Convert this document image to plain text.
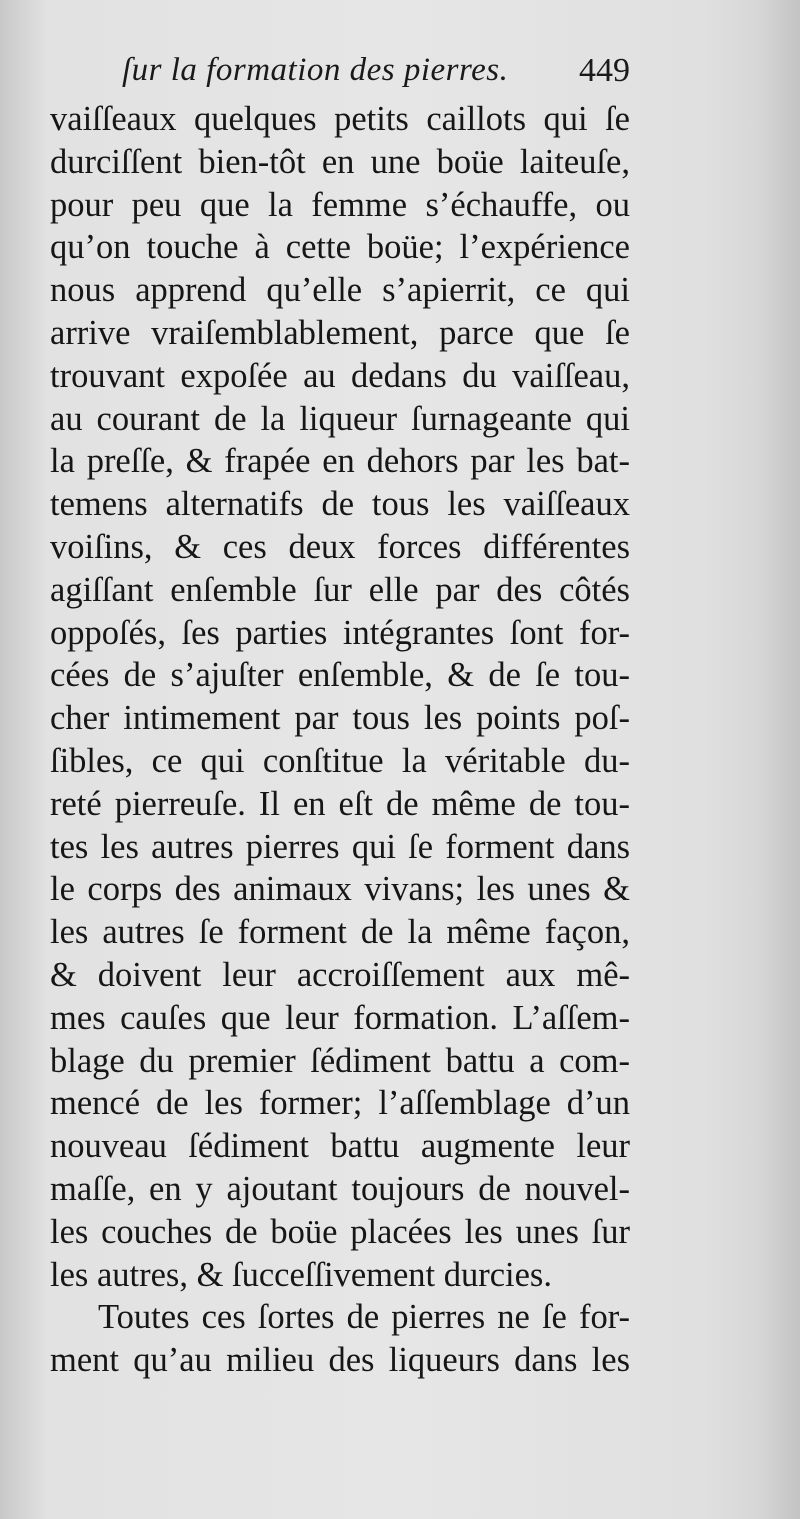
ſur la formation des pierres. 449
vaiſſeaux quelques petits caillots qui ſe
durciſſent bien-tôt en une boüe laiteuſe,
pour peu que la femme s’échauffe, ou
qu’on touche à cette boüe; l’expérience
nous apprend qu’elle s’apierrit, ce qui
arrive vraiſemblablement, parce que ſe
trouvant expoſée au dedans du vaiſſeau,
au courant de la liqueur ſurnageante qui
la preſſe, & frapée en dehors par les bat-
temens alternatifs de tous les vaiſſeaux
voiſins, & ces deux forces différentes
agiſſant enſemble ſur elle par des côtés
oppoſés, ſes parties intégrantes ſont for-
cées de s’ajuſter enſemble, & de ſe tou-
cher intimement par tous les points poſ-
ſibles, ce qui conſtitue la véritable du-
reté pierreuſe. Il en eſt de même de tou-
tes les autres pierres qui ſe forment dans
le corps des animaux vivans; les unes &
les autres ſe forment de la même façon,
& doivent leur accroiſſement aux mê-
mes cauſes que leur formation. L’aſſem-
blage du premier ſédiment battu a com-
mencé de les former; l’aſſemblage d’un
nouveau ſédiment battu augmente leur
maſſe, en y ajoutant toujours de nouvel-
les couches de boüe placées les unes ſur
les autres, & ſucceſſivement durcies.
Toutes ces ſortes de pierres ne ſe for-
ment qu’au milieu des liqueurs dans les
